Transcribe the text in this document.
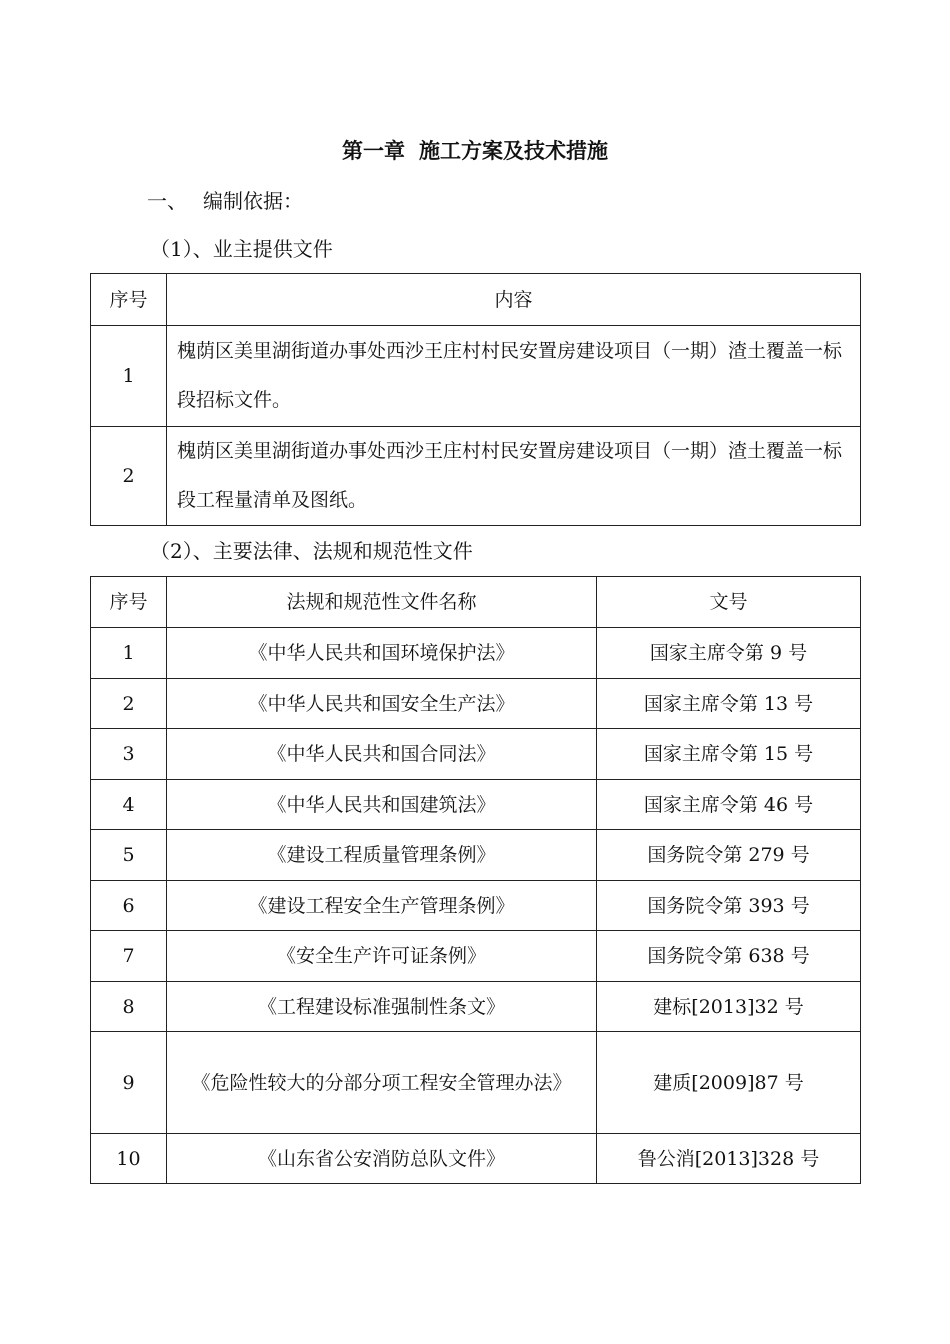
第一章 施工方案及技术措施
一、 编制依据：
（1）、业主提供文件
序号	内容
1	槐荫区美里湖街道办事处西沙王庄村村民安置房建设项目（一期）渣土覆盖一标段招标文件。
2	槐荫区美里湖街道办事处西沙王庄村村民安置房建设项目（一期）渣土覆盖一标段工程量清单及图纸。
（2）、主要法律、法规和规范性文件
序号	法规和规范性文件名称	文号
1	《中华人民共和国环境保护法》	国家主席令第 9 号
2	《中华人民共和国安全生产法》	国家主席令第 13 号
3	《中华人民共和国合同法》	国家主席令第 15 号
4	《中华人民共和国建筑法》	国家主席令第 46 号
5	《建设工程质量管理条例》	国务院令第 279 号
6	《建设工程安全生产管理条例》	国务院令第 393 号
7	《安全生产许可证条例》	国务院令第 638 号
8	《工程建设标准强制性条文》	建标[2013]32 号
9	《危险性较大的分部分项工程安全管理办法》	建质[2009]87 号
10	《山东省公安消防总队文件》	鲁公消[2013]328 号
